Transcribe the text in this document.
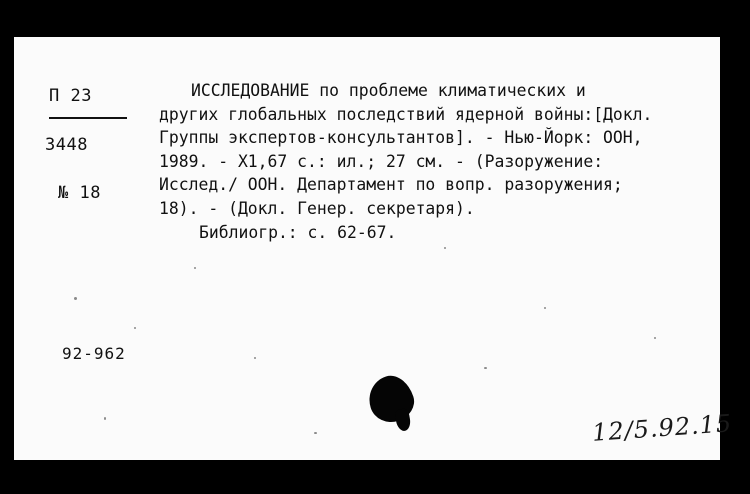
П 23
3448
№ 18
ИССЛЕДОВАНИЕ по проблеме климатических и
других глобальных последствий ядерной войны:[Докл.
Группы экспертов-консультантов]. - Нью-Йорк: ООН,
1989. - X1,67 с.: ил.; 27 см. - (Разоружение:
Исслед./ ООН. Департамент по вопр. разоружения;
18). - (Докл. Генер. секретаря).
Библиогр.: с. 62-67.
92-962
12/5.92.15
